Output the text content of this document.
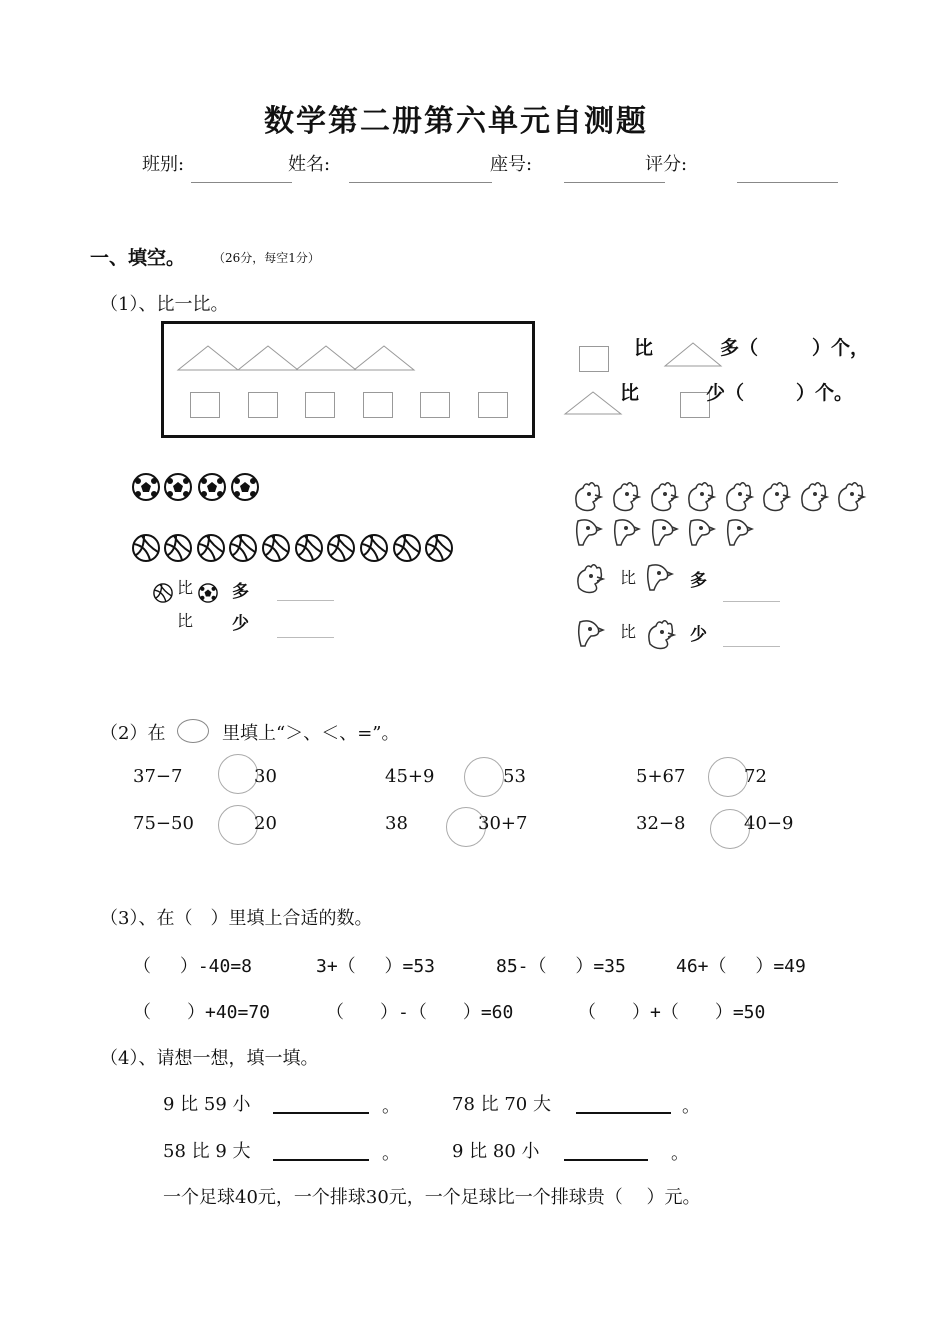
数学第二册第六单元自测题
班别:	姓名:	座号:	评分:
一、填空。 （26分，每空1分）
（1）、比一比。
比	多（	）个，
比	少（	）个。
比 多
比 少
比	多
比	少
（2）在	里填上“＞、＜、=”。
37−7	30	45+9	53	5+67	72
75−50	20	38	30+7	32−8	40−9
（3）、在（　）里填上合适的数。
（　 ）-40=8	3+（　 ）=53	85-（　 ）=35	46+（　 ）=49
（　　）+40=70	（　　）-（　　）=60	（　　）+（　　）=50
（4）、请想一想，填一填。
9 比 59 小	。	78 比 70 大	。
58 比 9 大	。	9 比 80 小	。
一个足球40元，一个排球30元，一个足球比一个排球贵（　 ）元。
